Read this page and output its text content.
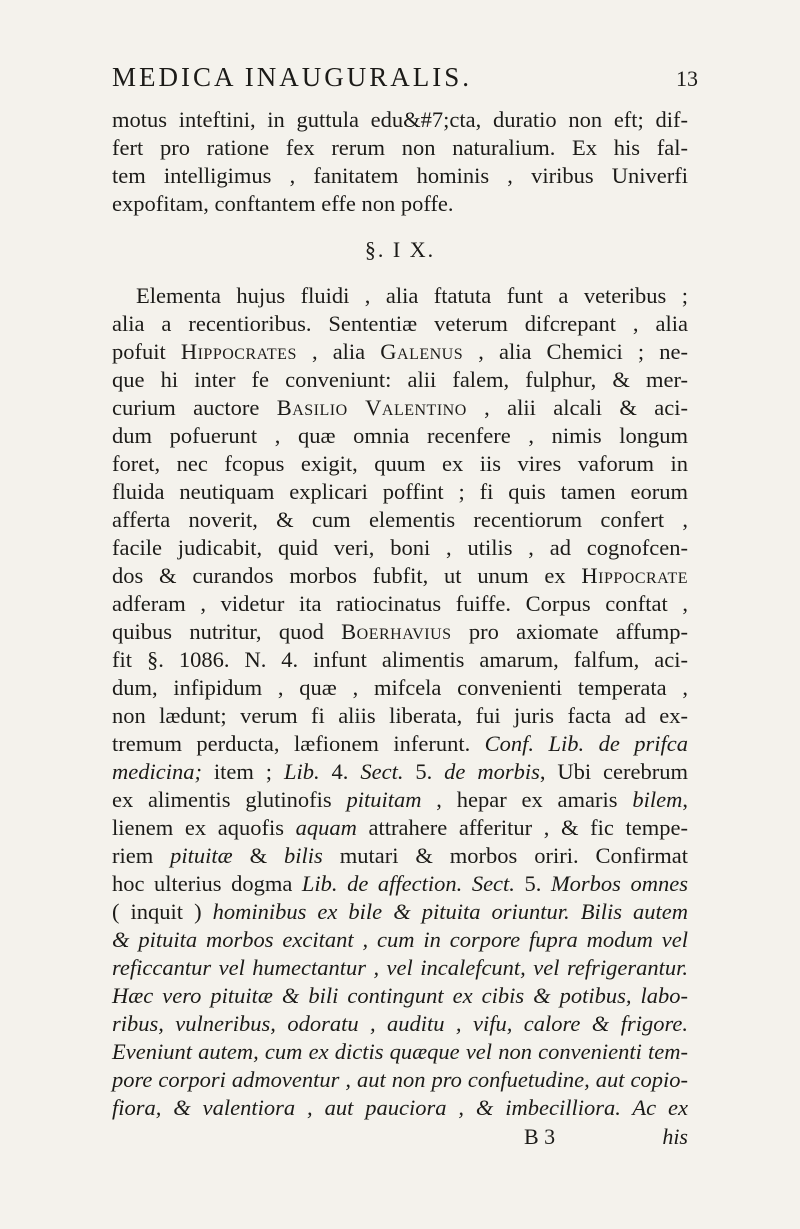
MEDICA INAUGURALIS.	13
motus inteftini, in guttula edu&#7;cta, duratio non eft; dif-
fert pro ratione fex rerum non naturalium. Ex his fal-
tem intelligimus , fanitatem hominis , viribus Univerfi
expofitam, conftantem effe non poffe.
§. I X.
Elementa hujus fluidi , alia ftatuta funt a veteribus ;
alia a recentioribus. Sententiæ veterum difcrepant , alia
pofuit Hippocrates , alia Galenus , alia Chemici ; ne-
que hi inter fe conveniunt: alii falem, fulphur, & mer-
curium auctore Basilio Valentino , alii alcali & aci-
dum pofuerunt , quæ omnia recenfere , nimis longum
foret, nec fcopus exigit, quum ex iis vires vaforum in
fluida neutiquam explicari poffint ; fi quis tamen eorum
afferta noverit, & cum elementis recentiorum confert ,
facile judicabit, quid veri, boni , utilis , ad cognofcen-
dos & curandos morbos fubfit, ut unum ex Hippocrate
adferam , videtur ita ratiocinatus fuiffe. Corpus conftat ,
quibus nutritur, quod Boerhavius pro axiomate affump-
fit §. 1086. N. 4. infunt alimentis amarum, falfum, aci-
dum, infipidum , quæ , mifcela convenienti temperata ,
non lædunt; verum fi aliis liberata, fui juris facta ad ex-
tremum perducta, læfionem inferunt. Conf. Lib. de prifca
medicina; item ; Lib. 4. Sect. 5. de morbis, Ubi cerebrum
ex alimentis glutinofis pituitam , hepar ex amaris bilem,
lienem ex aquofis aquam attrahere afferitur , & fic tempe-
riem pituitæ & bilis mutari & morbos oriri. Confirmat
hoc ulterius dogma Lib. de affection. Sect. 5. Morbos omnes
( inquit ) hominibus ex bile & pituita oriuntur. Bilis autem
& pituita morbos excitant , cum in corpore fupra modum vel
reficcantur vel humectantur , vel incalefcunt, vel refrigerantur.
Hæc vero pituitæ & bili contingunt ex cibis & potibus, labo-
ribus, vulneribus, odoratu , auditu , vifu, calore & frigore.
Eveniunt autem, cum ex dictis quæque vel non convenienti tem-
pore corpori admoventur , aut non pro confuetudine, aut copio-
fiora, & valentiora , aut pauciora , & imbecilliora. Ac ex
B 3	his
